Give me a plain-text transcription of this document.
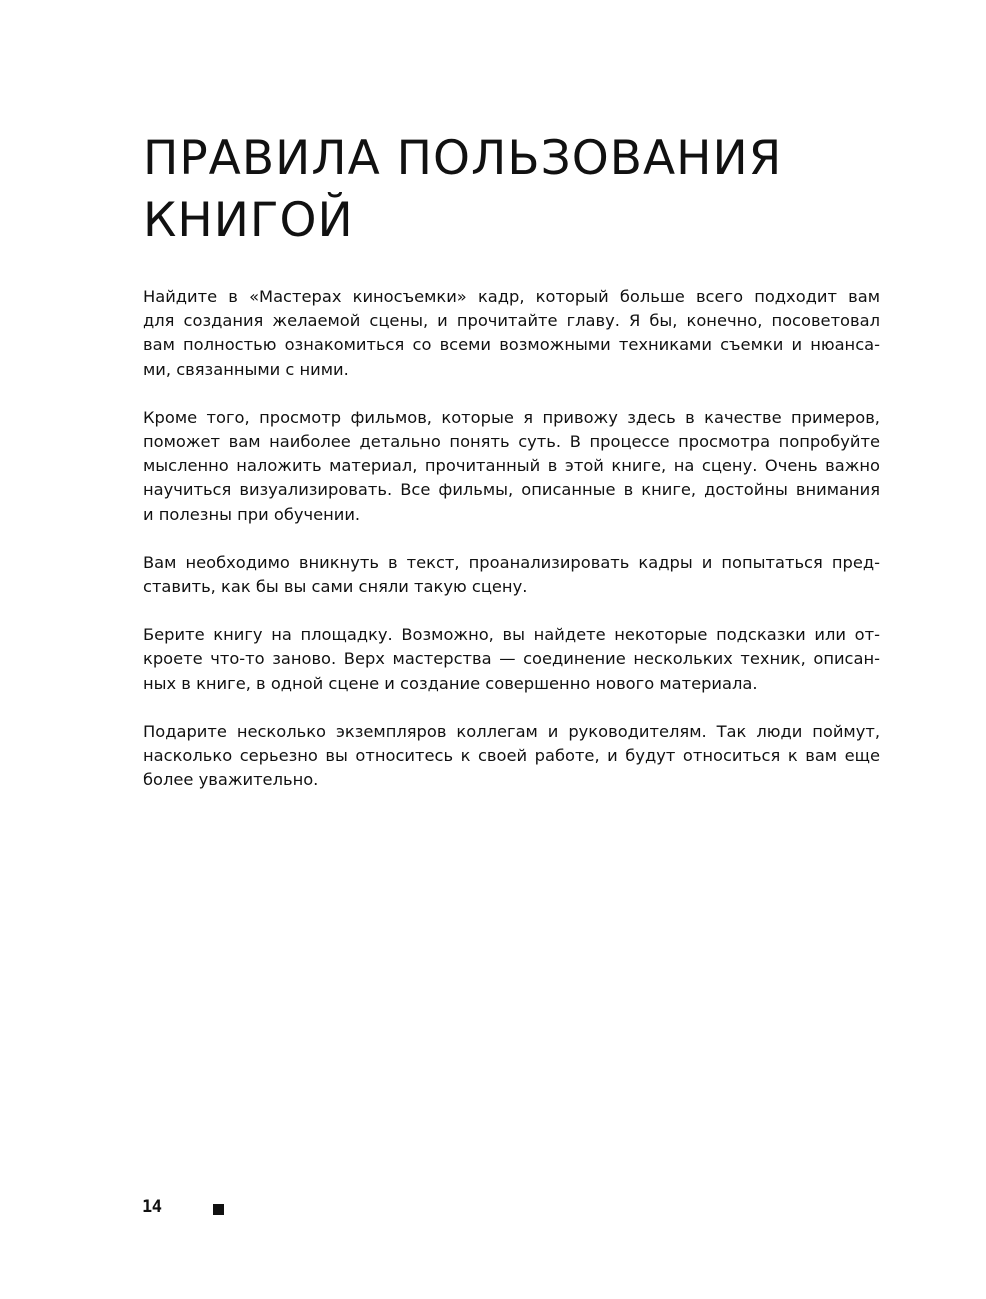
ПРАВИЛА ПОЛЬЗОВАНИЯ
КНИГОЙ

Найдите в «Мастерах киносъемки» кадр, который больше всего подходит вам
для создания желаемой сцены, и прочитайте главу. Я бы, конечно, посоветовал
вам полностью ознакомиться со всеми возможными техниками съемки и нюанса-
ми, связанными с ними.

Кроме того, просмотр фильмов, которые я привожу здесь в качестве примеров,
поможет вам наиболее детально понять суть. В процессе просмотра попробуйте
мысленно наложить материал, прочитанный в этой книге, на сцену. Очень важно
научиться визуализировать. Все фильмы, описанные в книге, достойны внимания
и полезны при обучении.

Вам необходимо вникнуть в текст, проанализировать кадры и попытаться пред-
ставить, как бы вы сами сняли такую сцену.

Берите книгу на площадку. Возможно, вы найдете некоторые подсказки или от-
кроете что-то заново. Верх мастерства — соединение нескольких техник, описан-
ных в книге, в одной сцене и создание совершенно нового материала.

Подарите несколько экземпляров коллегам и руководителям. Так люди поймут,
насколько серьезно вы относитесь к своей работе, и будут относиться к вам еще
более уважительно.

14
